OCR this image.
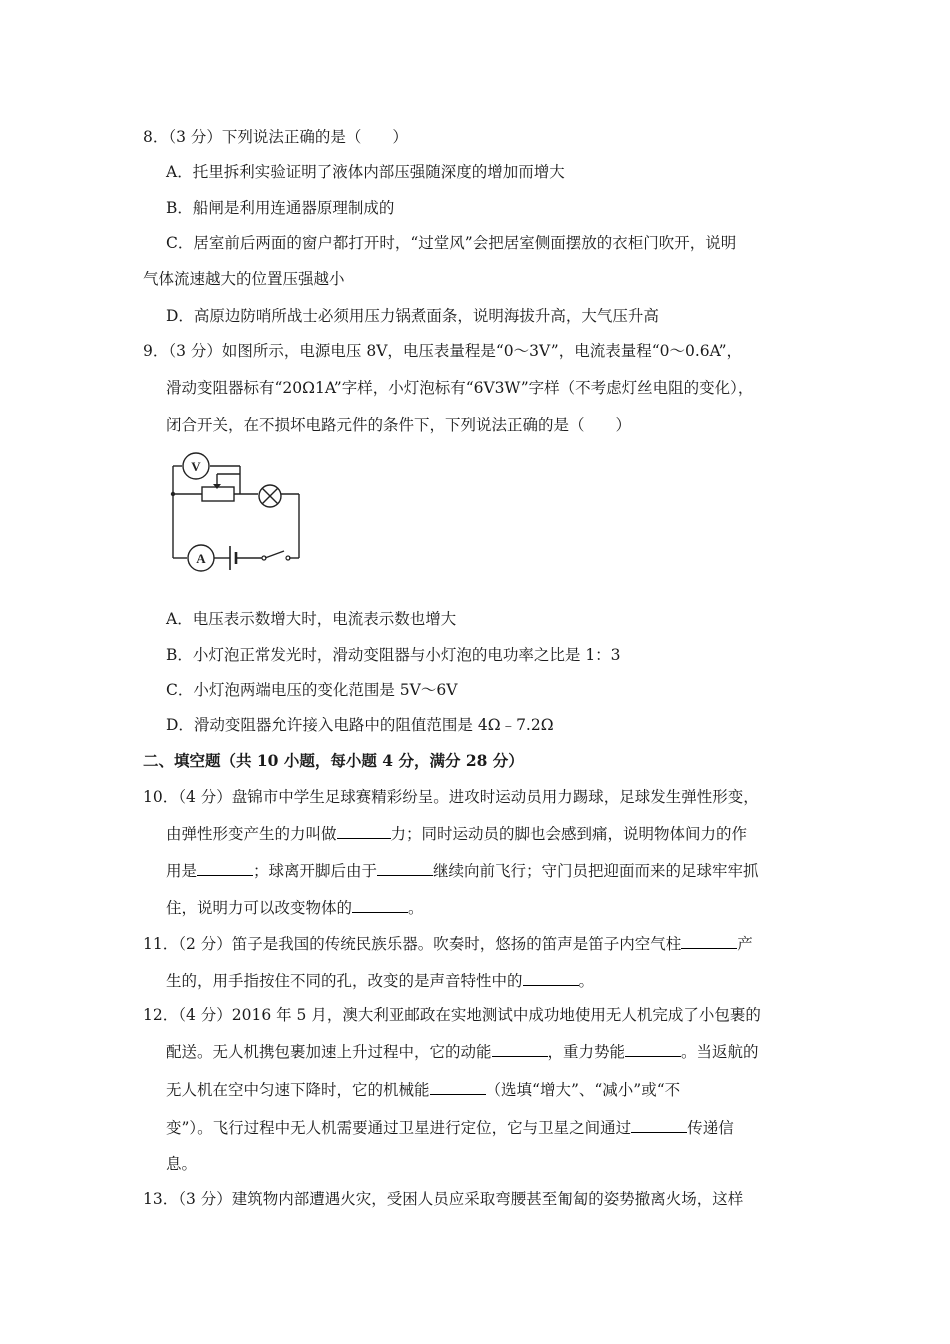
8．（3 分）下列说法正确的是（　　）
A．托里拆利实验证明了液体内部压强随深度的增加而增大
B．船闸是利用连通器原理制成的
C．居室前后两面的窗户都打开时，“过堂风”会把居室侧面摆放的衣柜门吹开，说明
气体流速越大的位置压强越小
D．高原边防哨所战士必须用压力锅煮面条，说明海拔升高，大气压升高
9．（3 分）如图所示，电源电压 8V，电压表量程是“0～3V”，电流表量程“0～0.6A”，
滑动变阻器标有“20Ω1A”字样，小灯泡标有“6V3W”字样（不考虑灯丝电阻的变化），
闭合开关，在不损坏电路元件的条件下，下列说法正确的是（　　）
V
A
A．电压表示数增大时，电流表示数也增大
B．小灯泡正常发光时，滑动变阻器与小灯泡的电功率之比是 1：3
C．小灯泡两端电压的变化范围是 5V～6V
D．滑动变阻器允许接入电路中的阻值范围是 4Ω﹣7.2Ω
二、填空题（共 10 小题，每小题 4 分，满分 28 分）
10．（4 分）盘锦市中学生足球赛精彩纷呈。进攻时运动员用力踢球，足球发生弹性形变，
由弹性形变产生的力叫做	力；同时运动员的脚也会感到痛，说明物体间力的作
用是	；球离开脚后由于	继续向前飞行；守门员把迎面而来的足球牢牢抓
住，说明力可以改变物体的	。
11．（2 分）笛子是我国的传统民族乐器。吹奏时，悠扬的笛声是笛子内空气柱	产
生的，用手指按住不同的孔，改变的是声音特性中的	。
12．（4 分）2016 年 5 月，澳大利亚邮政在实地测试中成功地使用无人机完成了小包裹的
配送。无人机携包裹加速上升过程中，它的动能	，重力势能	。当返航的
无人机在空中匀速下降时，它的机械能	（选填“增大”、“减小”或“不
变”）。飞行过程中无人机需要通过卫星进行定位，它与卫星之间通过	传递信
息。
13．（3 分）建筑物内部遭遇火灾，受困人员应采取弯腰甚至匍匐的姿势撤离火场，这样
